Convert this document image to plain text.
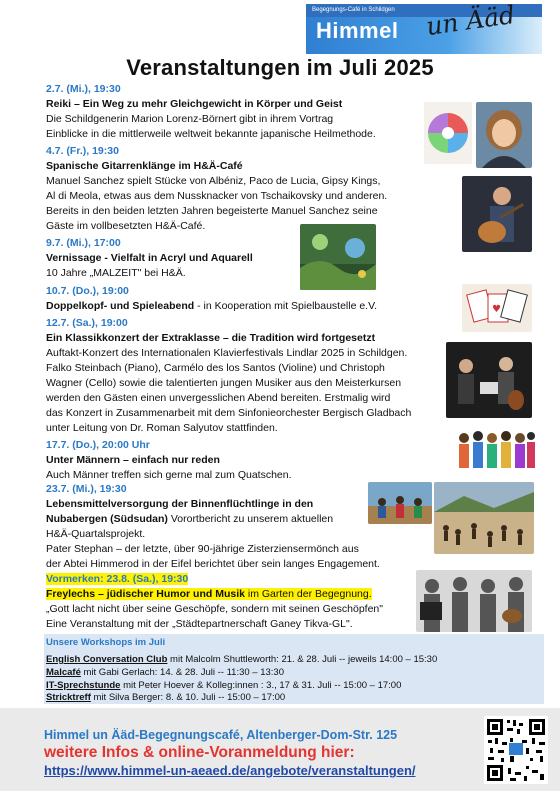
Begegnungs-Café in Schildgen
Himmel un Ääd
Veranstaltungen im Juli 2025
2.7. (Mi.), 19:30
Reiki – Ein Weg zu mehr Gleichgewicht in Körper und Geist
Die Schildgenerin Marion Lorenz-Börnert gibt in ihrem Vortrag
Einblicke in die mittlerweile weltweit bekannte japanische Heilmethode.
4.7. (Fr.), 19:30
Spanische Gitarrenklänge im H&Ä-Café
Manuel Sanchez spielt Stücke von Albéniz, Paco de Lucia, Gipsy Kings,
Al di Meola, etwas aus dem Nussknacker von Tschaikovsky und anderen.
Bereits in den beiden letzten Jahren begeisterte Manuel Sanchez seine
Gäste im vollbesetzten H&Ä-Café.
9.7. (Mi.), 17:00
Vernissage - Vielfalt in Acryl und Aquarell
10 Jahre „MALZEIT" bei H&Ä.
10.7. (Do.), 19:00
Doppelkopf- und Spieleabend - in Kooperation mit Spielbaustelle e.V.	♥
12.7. (Sa.), 19:00
Ein Klassikkonzert der Extraklasse – die Tradition wird fortgesetzt
Auftakt-Konzert des Internationalen Klavierfestivals Lindlar 2025 in Schildgen.
Falko Steinbach (Piano), Carmélo des los Santos (Violine) und Christoph
Wagner (Cello) sowie die talentierten jungen Musiker aus den Meisterkursen
werden den Gästen einen unvergesslichen Abend bereiten. Erstmalig wird
das Konzert in Zusammenarbeit mit dem Sinfonieorchester Bergisch Gladbach
unter Leitung von Dr. Roman Salyutov stattfinden.
17.7. (Do.), 20:00 Uhr
Unter Männern – einfach nur reden
Auch Männer treffen sich gerne mal zum Quatschen.
23.7. (Mi.), 19:30
Lebensmittelversorgung der Binnenflüchtlinge in den
Nubabergen (Südsudan) Vorortbericht zu unserem aktuellen
H&Ä-Quartalsprojekt.
Pater Stephan – der letzte, über 90-jährige Zisterziensermönch aus
der Abtei Himmerod in der Eifel berichtet über sein langes Engagement.
Vormerken: 23.8. (Sa.), 19:30
Freylechs – jüdischer Humor und Musik im Garten der Begegnung.
„Gott lacht nicht über seine Geschöpfe, sondern mit seinen Geschöpfen"
Eine Veranstaltung mit der „Städtepartnerschaft Ganey Tikva-GL".
Unsere Workshops im Juli
English Conversation Club mit Malcolm Shuttleworth: 21. & 28. Juli -- jeweils 14:00 – 15:30
Malcafé mit Gabi Gerlach: 14. & 28. Juli -- 11:30 – 13:30
IT-Sprechstunde mit Peter Hoever & Kolleg:innen : 3., 17 & 31. Juli -- 15:00 – 17:00
Stricktreff mit Silva Berger: 8. & 10. Juli -- 15:00 – 17:00
Himmel un Ääd-Begegnungscafé, Altenberger-Dom-Str. 125
weitere Infos & online-Voranmeldung hier:
https://www.himmel-un-aeaed.de/angebote/veranstaltungen/
